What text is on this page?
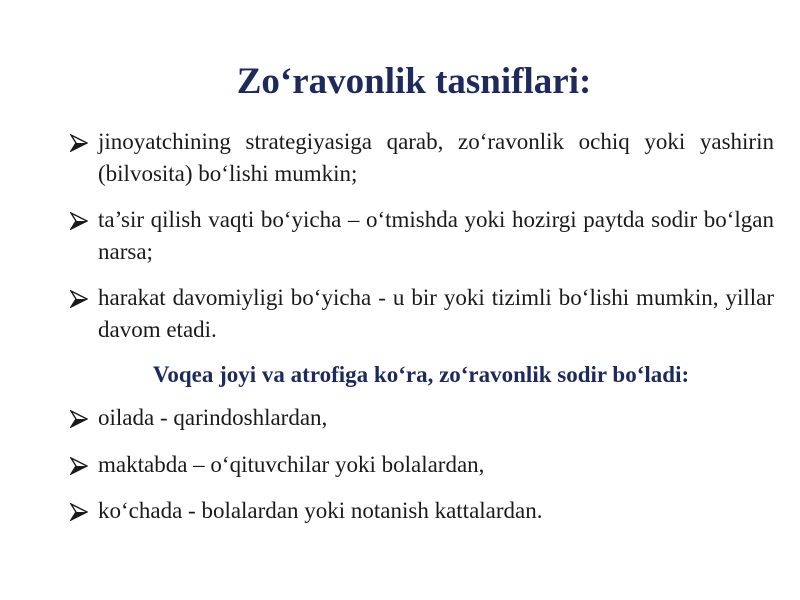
Zo‘ravonlik tasniflari:
jinoyatchining strategiyasiga qarab, zo‘ravonlik ochiq yoki yashirin (bilvosita) bo‘lishi mumkin;
ta’sir qilish vaqti bo‘yicha – o‘tmishda yoki hozirgi paytda sodir bo‘lgan narsa;
harakat davomiyligi bo‘yicha - u bir yoki tizimli bo‘lishi mumkin, yillar davom etadi.
Voqea joyi va atrofiga ko‘ra, zo‘ravonlik sodir bo‘ladi:
oilada - qarindoshlardan,
maktabda – o‘qituvchilar yoki bolalardan,
ko‘chada - bolalardan yoki notanish kattalardan.
